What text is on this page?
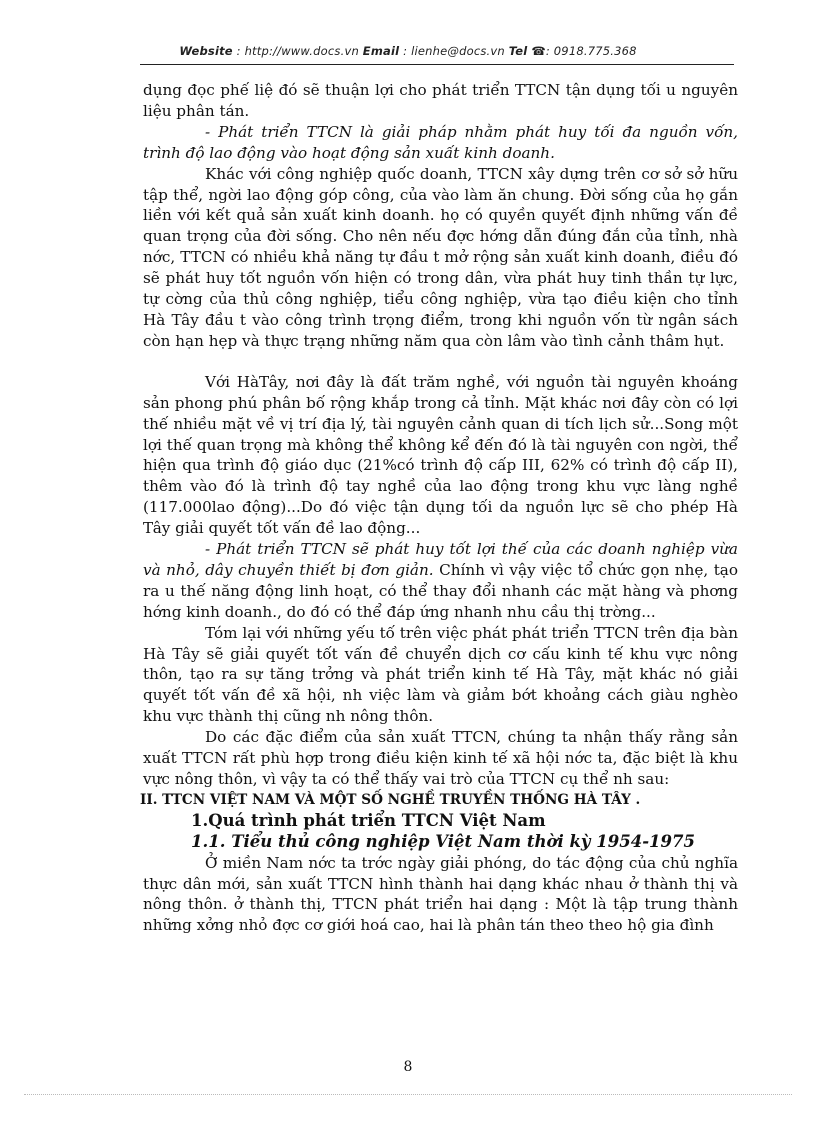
Website : http://www.docs.vn Email : lienhe@docs.vn Tel ☎: 0918.775.368

dụng đọc phế liệ đó sẽ thuận lợi cho phát triển TTCN tận dụng tối u nguyên liệu phân tán.

- Phát triển TTCN là giải pháp nhằm phát huy tối đa nguồn vốn, trình độ lao động vào hoạt động sản xuất kinh doanh.

Khác với công nghiệp quốc doanh, TTCN xây dựng trên cơ sở sở hữu tập thể, ngời lao động góp công, của vào làm ăn chung. Đời sống của họ gắn liền với kết quả sản xuất kinh doanh. họ có quyền quyết định những vấn đề quan trọng của đời sống. Cho nên nếu đợc hớng dẫn đúng đắn của tỉnh, nhà nớc, TTCN có nhiều khả năng tự đầu t mở rộng sản xuất kinh doanh, điều đó sẽ phát huy tốt nguồn vốn hiện có trong dân, vừa phát huy tinh thần tự lực, tự cờng của thủ công nghiệp, tiểu công nghiệp, vừa tạo điều kiện cho tỉnh Hà Tây đầu t vào công trình trọng điểm, trong khi nguồn vốn từ ngân sách còn hạn hẹp và thực trạng những năm qua còn lâm vào tình cảnh thâm hụt.

Với HàTây, nơi đây là đất trăm nghề, với nguồn tài nguyên khoáng sản phong phú phân bố rộng khắp trong cả tỉnh. Mặt khác nơi đây còn có lợi thế nhiều mặt về vị trí địa lý, tài nguyên cảnh quan di tích lịch sử...Song một lợi thế quan trọng mà không thể không kể đến đó là tài nguyên con ngời, thể hiện qua trình độ giáo dục (21%có trình độ cấp III, 62% có trình độ cấp II), thêm vào đó là trình độ tay nghề của lao động trong khu vực làng nghề (117.000lao động)...Do đó việc tận dụng tối da nguồn lực sẽ cho phép Hà Tây giải quyết tốt vấn đề lao động...

- Phát triển TTCN sẽ phát huy tốt lợi thế của các doanh nghiệp vừa và nhỏ, dây chuyền thiết bị đơn giản. Chính vì vậy việc tổ chức gọn nhẹ, tạo ra u thế năng động linh hoạt, có thể thay đổi nhanh các mặt hàng và phơng hớng kinh doanh., do đó có thể đáp ứng nhanh nhu cầu thị trờng...

Tóm lại với những yếu tố trên việc phát phát triển TTCN trên địa bàn Hà Tây sẽ giải quyết tốt vấn đề chuyển dịch cơ cấu kinh tế khu vực nông thôn, tạo ra sự tăng trởng và phát triển kinh tế Hà Tây, mặt khác nó giải quyết tốt vấn đề xã hội, nh việc làm và giảm bớt khoảng cách giàu nghèo khu vực thành thị cũng nh nông thôn.

Do các đặc điểm của sản xuất TTCN, chúng ta nhận thấy rằng sản xuất TTCN rất phù hợp trong điều kiện kinh tế xã hội nớc ta, đặc biệt là khu vực nông thôn, vì vậy ta có thể thấy vai trò của TTCN cụ thể nh sau:

II. TTCN VIỆT NAM VÀ MỘT SỐ NGHỀ TRUYỀN THỐNG HÀ TÂY .

1.Quá trình phát triển TTCN Việt Nam

1.1. Tiểu thủ công nghiệp Việt Nam thời kỳ 1954-1975

Ở miền Nam nớc ta trớc ngày giải phóng, do tác động của chủ nghĩa thực dân mới, sản xuất TTCN hình thành hai dạng khác nhau ở thành thị và nông thôn. ở thành thị, TTCN phát triển hai dạng : Một là tập trung thành những xởng nhỏ đợc cơ giới hoá cao, hai là phân tán theo theo hộ gia đình

8
